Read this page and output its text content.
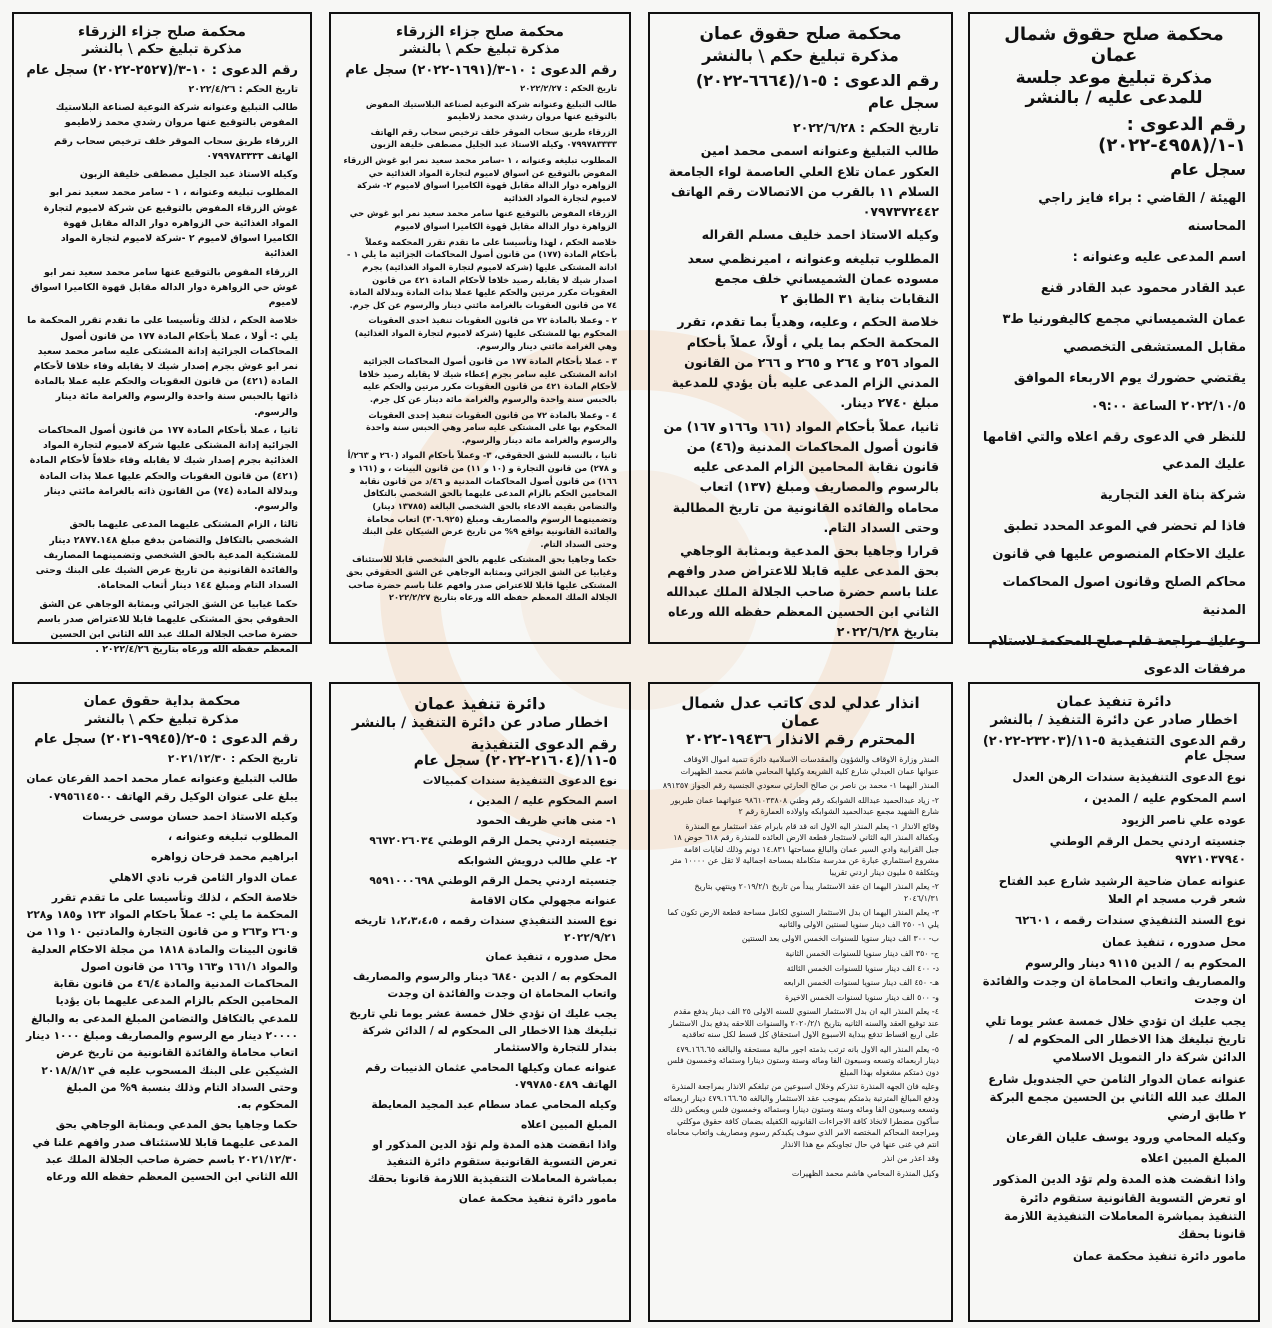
محكمة صلح حقوق شمال عمان
مذكرة تبليغ موعد جلسة للمدعى عليه / بالنشر
رقم الدعوى : ١-١/(٤٩٥٨-٢٠٢٢)
سجل عام

الهيئة / القاضي : براء فايز راجي المحاسنه

اسم المدعى عليه وعنوانه :

عبد القادر محمود عبد القادر قنع

عمان الشميساني مجمع كاليفورنيا ط٣ مقابل المستشفى التخصصي

يقتضي حضورك يوم الاربعاء الموافق ٢٠٢٢/١٠/٥ الساعة ٠٩:٠٠

للنظر في الدعوى رقم اعلاه والتي اقامها عليك المدعي

شركة بناة الغد التجارية

فاذا لم تحضر في الموعد المحدد تطبق عليك الاحكام المنصوص عليها في قانون محاكم الصلح وقانون اصول المحاكمات المدنية

وعليك مراجعة قلم صلح المحكمة لاستلام مرفقات الدعوى

محكمة صلح حقوق عمان
مذكرة تبليغ حكم \ بالنشر
رقم الدعوى : ٥-١/(٦٦٦٤-٢٠٢٢)
سجل عام

تاريخ الحكم : ٢٠٢٢/٦/٢٨

طالب التبليغ وعنوانه اسمى محمد امين العكور عمان تلاع العلي العاصمة لواء الجامعة السلام ١١ بالقرب من الاتصالات رقم الهاتف ٠٧٩٧٣٧٢٤٤٢

وكيله الاستاذ احمد خليف مسلم القراله

المطلوب تبليغه وعنوانه ، اميرنظمي سعد مسوده عمان الشميساني خلف مجمع النقابات بناية ٣١ الطابق ٢

خلاصة الحكم ، وعليه، وهدياً بما تقدم، تقرر المحكمة الحكم بما يلي ، أولاً، عملاً بأحكام المواد ٢٥٦ و ٢٦٤ و ٢٦٥ و ٢٦٦ من القانون المدني الزام المدعى عليه بأن يؤدي للمدعية مبلغ ٢٧٤٠ دينار.

ثانيا، عملاً بأحكام المواد (١٦١ و١٦٦و ١٦٧) من قانون أصول المحاكمات المدنية و(٤٦) من قانون نقابة المحامين الزام المدعى عليه بالرسوم والمصاريف ومبلغ (١٣٧) اتعاب محاماه والفائده القانونية من تاريخ المطالبة وحتى السداد التام.

قرارا وجاهيا بحق المدعية وبمثابة الوجاهي بحق المدعى عليه قابلا للاعتراض صدر وافهم علنا باسم حضرة صاحب الجلالة الملك عبدالله الثاني ابن الحسين المعظم حفظه الله ورعاه بتاريخ ٢٠٢٢/٦/٢٨

محكمة صلح جزاء الزرقاء
مذكرة تبليغ حكم \ بالنشر
رقم الدعوى : ١٠-٣/(١٦٩١-٢٠٢٢) سجل عام

تاريخ الحكم : ٢٠٢٢/٢/٢٧

طالب التبليغ وعنوانه شركة النوعية لصناعة البلاستيك المفوض بالتوقيع عنها مروان رشدي محمد زلاطيمو

الزرقاء طريق سحاب الموقر خلف ترخيص سحاب رقم الهاتف ٠٧٩٩٧٨٣٣٣٣ وكيله الاستاذ عبد الجليل مصطفى خليفة الزبون

المطلوب تبليغه وعنوانه ، ١ -سامر محمد سعيد نمر ابو غوش الزرقاء المفوض بالتوقيع عن اسواق لاميوم لتجارة المواد الغذائية حي الزواهره دوار الدالة مقابل قهوة الكاميرا اسواق لاميوم ٢- شركة لاميوم لتجارة المواد الغذائية

الزرقاء المفوض بالتوقيع عنها سامر محمد سعيد نمر ابو غوش حي الزواهرة دوار الدالة مقابل قهوة الكاميرا اسواق لاميوم

خلاصة الحكم ، لهذا وتأسيسا على ما تقدم تقرر المحكمة وعملاً بأحكام المادة (١٧٧) من قانون أصول المحاكمات الجزائية ما يلي ١ - ادانة المشتكى عليها (شركة لاميوم لتجارة المواد الغذائية) بجرم اصدار شيك لا يقابله رصيد خلافا لأحكام المادة ٤٢١ من قانون العقوبات مكرر مرتين والحكم عليها عملا بذات المادة وبدلالة المادة ٧٤ من قانون العقوبات بالغرامة مائتي دينار والرسوم عن كل جرم.

٢ - وعملا بالمادة ٧٢ من قانون العقوبات تنفيذ احدى العقوبات المحكوم بها للمشتكى عليها (شركة لاميوم لتجارة المواد الغذائية) وهي الغرامة مائتي دينار والرسوم.

٣ - عملا بأحكام المادة ١٧٧ من قانون أصول المحاكمات الجزائية ادانة المشتكى عليه سامر بجرم إعطاء شيك لا يقابله رصيد خلافا لأحكام المادة ٤٢١ من قانون العقوبات مكرر مرتين والحكم عليه بالحبس سنة واحدة والرسوم والغرامة مائة دينار عن كل جرم.

٤ - وعملا بالمادة ٧٢ من قانون العقوبات تنفيذ إحدى العقوبات المحكوم بها على المشتكى عليه سامر وهي الحبس سنة واحدة والرسوم والغرامة مائة دينار والرسوم.

ثانيا ، بالنسبة للشق الحقوقي، ٣- وعملاً بأحكام المواد (٢٦٠ و ٢٦٣/أ و ٢٧٨) من قانون التجارة و (١٠ و ١١) من قانون البينات ، و (١٦١ و ١٦٦) من قانون أصول المحاكمات المدنية و ٤٦/د من قانون نقابة المحامين الحكم بالزام المدعى عليهما بالحق الشخصي بالتكافل والتضامن بقيمة الادعاء بالحق الشخصي البالغة (١٣٧٨٥ دينار) وتضمينهما الرسوم والمصاريف ومبلغ (٣٠٦.٩٢٥) اتعاب محاماة والفائدة القانونية بواقع ٩% من تاريخ عرض الشيكان على البنك وحتى السداد التام.

حكما وجاهيا بحق المشتكى عليهم بالحق الشخصي قابلا للاستئناف وغيابيا عن الشق الجزائي وبمثابة الوجاهي عن الشق الحقوقي بحق المشتكى عليها قابلا للاعتراض صدر وافهم علنا باسم حضرة صاحب الجلالة الملك المعظم حفظه الله ورعاه بتاريخ ٢٠٢٢/٢/٢٧

محكمة صلح جزاء الزرقاء
مذكرة تبليغ حكم \ بالنشر
رقم الدعوى : ١٠-٣/(٢٥٢٧-٢٠٢٢) سجل عام

تاريخ الحكم : ٢٠٢٢/٤/٢٦

طالب التبليغ وعنوانه شركة النوعية لصناعة البلاستيك المفوض بالتوقيع عنها مروان رشدي محمد زلاطيمو

الزرقاء طريق سحاب الموقر خلف ترخيص سحاب رقم الهاتف ٠٧٩٩٧٨٣٣٣٣

وكيله الاستاذ عبد الجليل مصطفى خليفة الزبون

المطلوب تبليغه وعنوانه ، ١ - سامر محمد سعيد نمر ابو غوش الزرقاء المفوض بالتوقيع عن شركة لاميوم لتجارة المواد الغذائية حي الزواهره دوار الداله مقابل قهوة الكاميرا اسواق لاميوم ٢ -شركة لاميوم لتجارة المواد الغذائية

الزرقاء المفوض بالتوقيع عنها سامر محمد سعيد نمر ابو غوش حي الزواهرة دوار الداله مقابل قهوة الكاميرا اسواق لاميوم

خلاصة الحكم ، لذلك وتأسيسا على ما تقدم تقرر المحكمة ما يلي :- أولا ، عملا بأحكام المادة ١٧٧ من قانون أصول المحاكمات الجزائية إدانة المشتكى عليه سامر محمد سعيد نمر ابو غوش بجرم إصدار شيك لا يقابله وفاء خلافا لأحكام المادة (٤٢١) من قانون العقوبات والحكم عليه عملا بالمادة ذاتها بالحبس سنة واحدة والرسوم والغرامة مائة دينار والرسوم.

ثانيا ، عملا بأحكام المادة ١٧٧ من قانون أصول المحاكمات الجزائية إدانة المشتكى عليها شركة لاميوم لتجارة المواد الغذائية بجرم إصدار شيك لا يقابله وفاء خلافاً لأحكام المادة (٤٢١) من قانون العقوبات والحكم عليها عملا بذات المادة وبدلالة المادة (٧٤) من القانون ذاته بالغرامة مائتي دينار والرسوم.

ثالثا ، الزام المشتكى عليهما المدعى عليهما بالحق الشخصي بالتكافل والتضامن بدفع مبلغ ٢٨٧٧.١٤٨ دينار للمشتكية المدعية بالحق الشخصي وتضمينهما المصاريف والفائدة القانونية من تاريخ عرض الشيك على البنك وحتى السداد التام ومبلغ ١٤٤ دينار أتعاب المحاماة.

حكما غيابيا عن الشق الجزائي وبمثابة الوجاهي عن الشق الحقوقي بحق المشتكى عليهما قابلا للاعتراض صدر باسم حضرة صاحب الجلالة الملك عبد الله الثاني ابن الحسين المعظم حفظه الله ورعاه بتاريخ ٢٠٢٢/٤/٢٦ .

دائرة تنفيذ عمان
اخطار صادر عن دائرة التنفيذ / بالنشر
رقم الدعوى التنفيذية ٥-١١/(٢٣٢٠٣-٢٠٢٢) سجل عام

نوع الدعوى التنفيذية سندات الرهن العدل

اسم المحكوم عليه / المدين ،

عوده علي ناصر الزيود

جنسيته اردني يحمل الرقم الوطني ٩٧٢١٠٣٧٩٤٠

عنوانه عمان ضاحية الرشيد شارع عبد الفتاح شعر قرب مسجد ام العلا

نوع السند التنفيذي سندات رقمه ، ٦٢٦٠١

محل صدوره ، تنفيذ عمان

المحكوم به / الدين ٩١١٥ دينار والرسوم والمصاريف واتعاب المحاماة ان وجدت والفائدة ان وجدت

يجب عليك ان تؤدي خلال خمسة عشر يوما تلي تاريخ تبليغك هذا الاخطار الى المحكوم له / الدائن شركة دار التمويل الاسلامي

عنوانه عمان الدوار الثامن حي الجندويل شارع الملك عبد الله الثاني بن الحسين مجمع البركة ٢ طابق ارضي

وكيله المحامي ورود يوسف عليان القرعان

المبلغ المبين اعلاه

واذا انقضت هذه المدة ولم تؤد الدين المذكور او تعرض التسوية القانونية ستقوم دائرة التنفيذ بمباشرة المعاملات التنفيذية اللازمة قانونا بحقك

مامور دائرة تنفيذ محكمة عمان

انذار عدلي لدى كاتب عدل شمال عمان
المحترم رقم الانذار ١٩٤٣٦-٢٠٢٢

المنذر وزارة الاوقاف والشؤون والمقدسات الاسلامية دائرة تنمية اموال الاوقاف عنوانها عمان العبدلي شارع كلية الشريعة وكيلها المحامي هاشم محمد الظهيرات

المنذر اليهما ١- محمد بن ناصر بن صالح الحارثي سعودي الجنسية رقم الجواز ٨٩١٣٥٧

٢- زياد عبدالحميد عبدالله الشوابكه رقم وطني ٩٨٦١٠٣٣٨٠٨ عنوانهما عمان طبربور شارع الشهيد مجمع عبدالحميد الشوابكه واولاده العمارة رقم ٢

وقائع الانذار ١- يعلم المنذر اليه الاول انه قد قام بابرام عقد استثمار مع المنذرة وبكفالة المنذر اليه الثاني لاستئجار قطعة الارض العائده للمنذرة رقم ٦١٨ حوض ١٨ جبل القرابية وادي السير عمان والبالغ مساحتها ١٤.٨٣١ دونم وذلك لغايات اقامة مشروع استثماري عبارة عن مدرسة متكاملة بمساحة اجمالية لا تقل عن ١٠٠٠٠ متر وبتكلفة ٥ مليون دينار اردني تقريبا

٢- يعلم المنذر اليهما ان عقد الاستثمار يبدأ من تاريخ ٢٠١٩/٢/١ وينتهي بتاريخ ٢٠٤٦/١/٣١

٣- يعلم المنذر اليهما ان بدل الاستثمار السنوي لكامل مساحة قطعة الارض تكون كما يلي ١- ٢٥٠ الف دينار سنويا لسنتين الاولى والثانيه

ب- ٣٠٠ الف دينار سنويا للسنوات الخمس الاولى بعد السنتين

ج- ٣٥٠ الف دينار سنويا للسنوات الخمس الثانية

د- ٤٠٠ الف دينار سنويا للسنوات الخمس الثالثة

هـ- ٤٥٠ الف دينار سنويا لسنوات الخمس الرابعه

و- ٥٠٠ الف دينار سنويا لسنوات الخمس الاخيرة

٤- يعلم المنذر اليه ان بدل الاستثمار السنوي للسنه الاولى ٢٥ الف دينار يدفع مقدم عند توقيع العقد والسنه الثانيه بتاريخ ٢٠٢٠/٢/١ والسنوات اللاحقه يدفع بدل الاستثمار على اربع اقساط تدفع ببداية الاسبوع الاول استحقاق كل قسط لكل سنه تعاقديه

٥- يعلم المنذر اليه الاول بانه ترتب بذمته اجور مالية مستحقة والبالغه ٤٧٩.١٦٦.٦٥ دينار اربعمائه وتسعه وسبعون الفا ومائه وستة وستون دينارا وستمائه وخمسون فلس دون ذمتكم مشغوله بهذا المبلغ

وعليه فان الجهه المنذرة تنذركم وخلال اسبوعين من تبلغكم الانذار بمراجعة المنذرة ودفع المبالغ المترتبة بذمتكم بموجب عقد الاستثمار والبالغه ٤٧٩.١٦٦.٦٥ دينار اربعمائه وتسعه وسبعون الفا ومائه وستة وستون دينارا وستمائه وخمسون فلس وبعكس ذلك سأكون مضطرا لاتخاذ كافة الاجراءات القانونيه الكفيله بضمان كافة حقوق موكلتي ومراجعة المحاكم المختصه الامر الذي سوف يكبدكم رسوم ومصاريف واتعاب محاماه انتم في غنى عنها في حال تجاوبكم مع هذا الانذار

وقد اعذر من انذر

وكيل المنذرة المحامي هاشم محمد الظهيرات

دائرة تنفيذ عمان
اخطار صادر عن دائرة التنفيذ / بالنشر
رقم الدعوى التنفيذية ٥-١١/(٢١٦٠٤-٢٠٢٢) سجل عام

نوع الدعوى التنفيذية سندات كمبيالات

اسم المحكوم عليه / المدين ،

١- منى هاني ظريف الحمود

جنسيته اردني يحمل الرقم الوطني ٩٦٧٢٠٢٦٠٣٤

٢- علي طالب درويش الشوابكه

جنسيته اردني يحمل الرقم الوطني ٩٥٩١٠٠٠٦٩٨

عنوانه مجهولي مكان الاقامة

نوع السند التنفيذي سندات رقمه ، ١،٢،٣،٤،٥ تاريخه ٢٠٢٢/٩/٢١

محل صدوره ، تنفيذ عمان

المحكوم به / الدين ٦٨٤٠ دينار والرسوم والمصاريف واتعاب المحاماة ان وجدت والفائدة ان وجدت

يجب عليك ان تؤدي خلال خمسة عشر يوما تلي تاريخ تبليغك هذا الاخطار الى المحكوم له / الدائن شركة بندار للتجارة والاستثمار

عنوانه عمان وكيلها المحامي عثمان الذنيبات رقم الهاتف ٠٧٩٧٨٥٠٤٨٩

وكيله المحامي عماد سطام عبد المجيد المعايطة

المبلغ المبين اعلاه

واذا انقضت هذه المدة ولم تؤد الدين المذكور او تعرض التسوية القانونية ستقوم دائرة التنفيذ بمباشرة المعاملات التنفيذية اللازمة قانونا بحقك

مامور دائرة تنفيذ محكمة عمان

محكمة بداية حقوق عمان
مذكرة تبليغ حكم \ بالنشر
رقم الدعوى : ٥-٢/(٩٩٤٥-٢٠٢١) سجل عام

تاريخ الحكم : ٢٠٢١/١٢/٣٠

طالب التبليغ وعنوانه عمار محمد احمد القرعان عمان يبلغ على عنوان الوكيل رقم الهاتف ٠٧٩٥٦١٤٥٠٠

وكيله الاستاذ احمد حسان موسى خريسات

المطلوب تبليغه وعنوانه ،

ابراهيم محمد فرحان زواهره

عمان الدوار الثامن قرب نادي الاهلي

خلاصة الحكم ، لذلك وتأسيسا على ما تقدم تقرر المحكمة ما يلي :- عملاً باحكام المواد ١٢٣ و١٨٥ و٢٢٨ و٢٦٠ و٢٦٣ و من قانون التجارة والمادتين ١٠ و١١ من قانون البينات والمادة ١٨١٨ من مجلة الاحكام العدلية والمواد ١٦١/١ و١٦٣ و١٦٦ من قانون اصول المحاكمات المدنية والمادة ٤٦/٤ من قانون نقابة المحامين الحكم بالزام المدعى عليهما بان يؤديا للمدعي بالتكافل والتضامن المبلغ المدعى به والبالغ ٢٠٠٠٠ دينار مع الرسوم والمصاريف ومبلغ ١٠٠٠ دينار اتعاب محاماة والفائدة القانونية من تاريخ عرض الشيكين على البنك المسحوب عليه في ٢٠١٨/٨/١٣ وحتى السداد التام وذلك بنسبة ٩% من المبلغ المحكوم به.

حكما وجاهيا بحق المدعي وبمثابة الوجاهي بحق المدعى عليهما قابلا للاستئناف صدر وافهم علنا في ٢٠٢١/١٢/٣٠ باسم حضرة صاحب الجلالة الملك عبد الله الثاني ابن الحسين المعظم حفظه الله ورعاه
